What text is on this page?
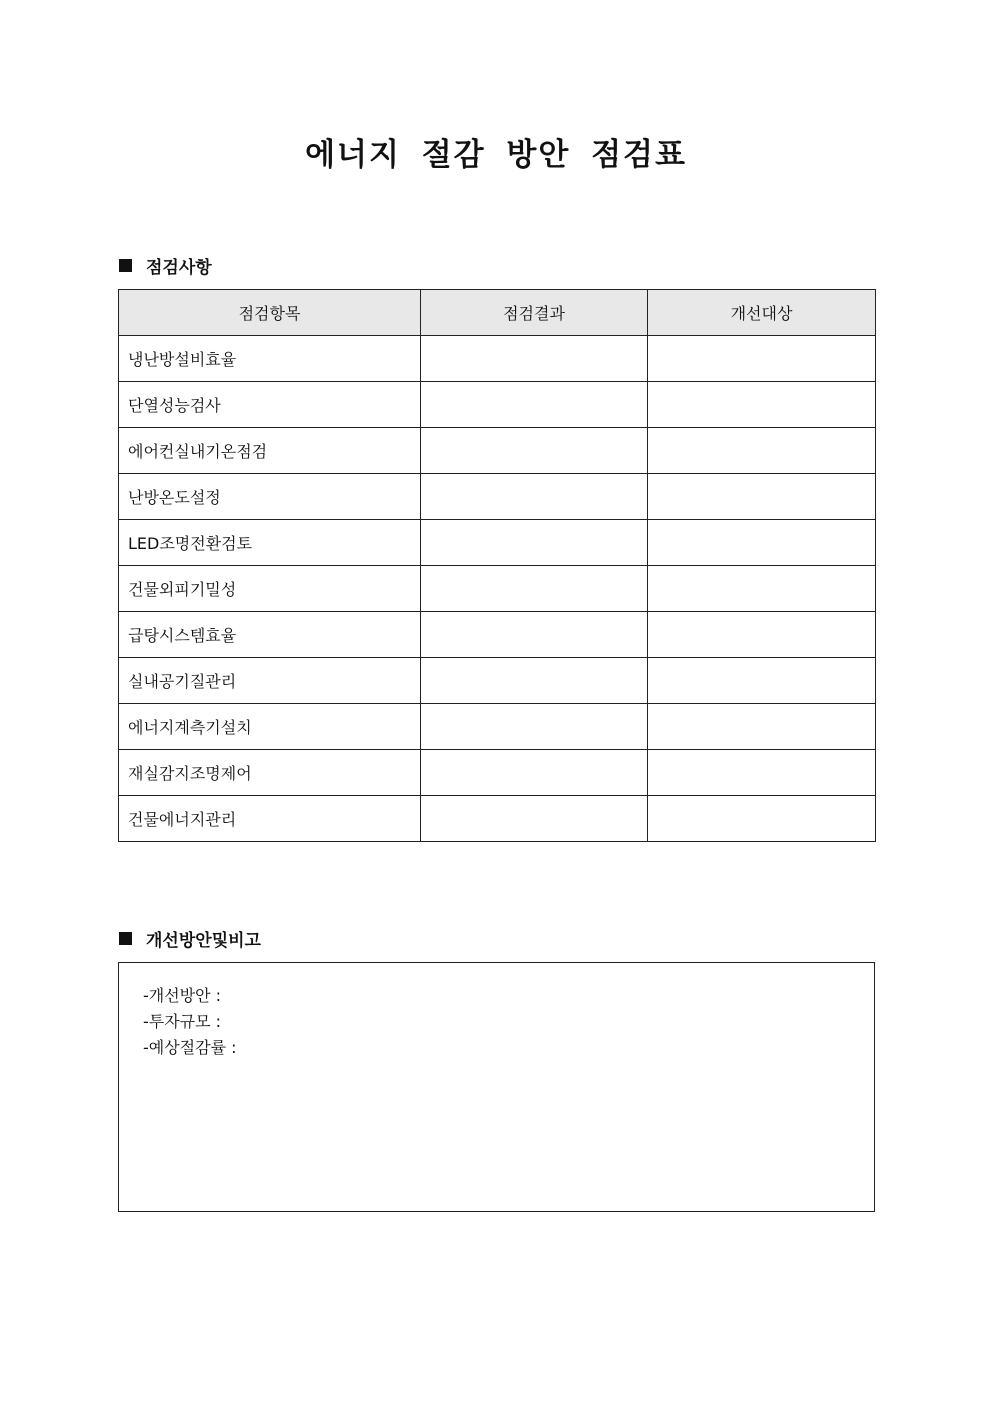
에너지 절감 방안 점검표
점검사항
점검항목	점검결과	개선대상
냉난방설비효율		
단열성능검사		
에어컨실내기온점검		
난방온도설정		
LED조명전환검토		
건물외피기밀성		
급탕시스템효율		
실내공기질관리		
에너지계측기설치		
재실감지조명제어		
건물에너지관리		
개선방안및비고
-개선방안 :
-투자규모 :
-예상절감률 :
